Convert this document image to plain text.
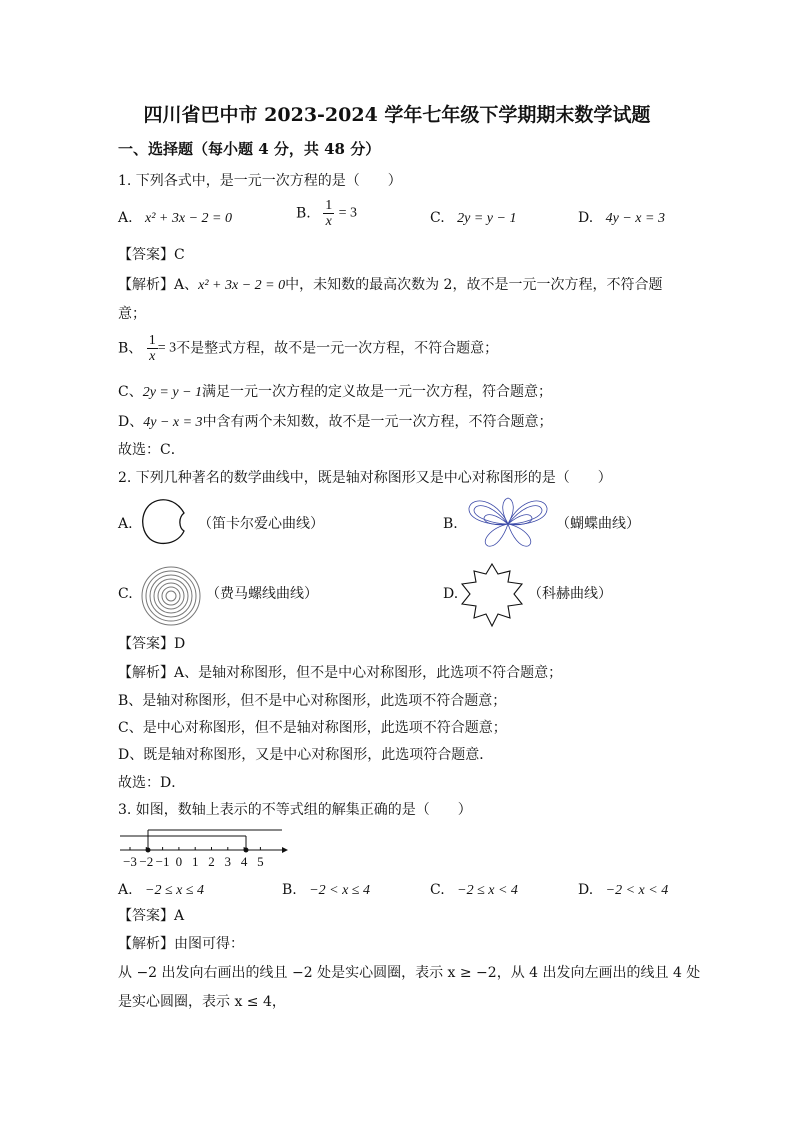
四川省巴中市 2023-2024 学年七年级下学期期末数学试题
一、选择题（每小题 4 分，共 48 分）
1. 下列各式中，是一元一次方程的是（　　）
A. x² + 3x − 2 = 0	B. $\frac{1}{x} = 3$	C. 2y = y − 1	D. 4y − x = 3
【答案】C
【解析】A、x² + 3x − 2 = 0中，未知数的最高次数为 2，故不是一元一次方程，不符合题
意；
B、 $\frac{1}{x} = 3$不是整式方程，故不是一元一次方程，不符合题意；
C、2y = y − 1满足一元一次方程的定义故是一元一次方程，符合题意；
D、4y − x = 3中含有两个未知数，故不是一元一次方程，不符合题意；
故选：C．
2. 下列几种著名的数学曲线中，既是轴对称图形又是中心对称图形的是（　　）
A.	（笛卡尔爱心曲线）	B.	（蝴蝶曲线）
C.	（费马螺线曲线）	D.	（科赫曲线）
【答案】D
【解析】A、是轴对称图形，但不是中心对称图形，此选项不符合题意；
B、是轴对称图形，但不是中心对称图形，此选项不符合题意；
C、是中心对称图形，但不是轴对称图形，此选项不符合题意；
D、既是轴对称图形，又是中心对称图形，此选项符合题意．
故选：D．
3. 如图，数轴上表示的不等式组的解集正确的是（　　）
−3 −2 −1 0 1 2 3 4 5
A. −2 ≤ x ≤ 4	B. −2 < x ≤ 4	C. −2 ≤ x < 4	D. −2 < x < 4
【答案】A
【解析】由图可得：
从 −2 出发向右画出的线且 −2 处是实心圆圈，表示 x ≥ −2，从 4 出发向左画出的线且 4 处
是实心圆圈，表示 x ≤ 4，
